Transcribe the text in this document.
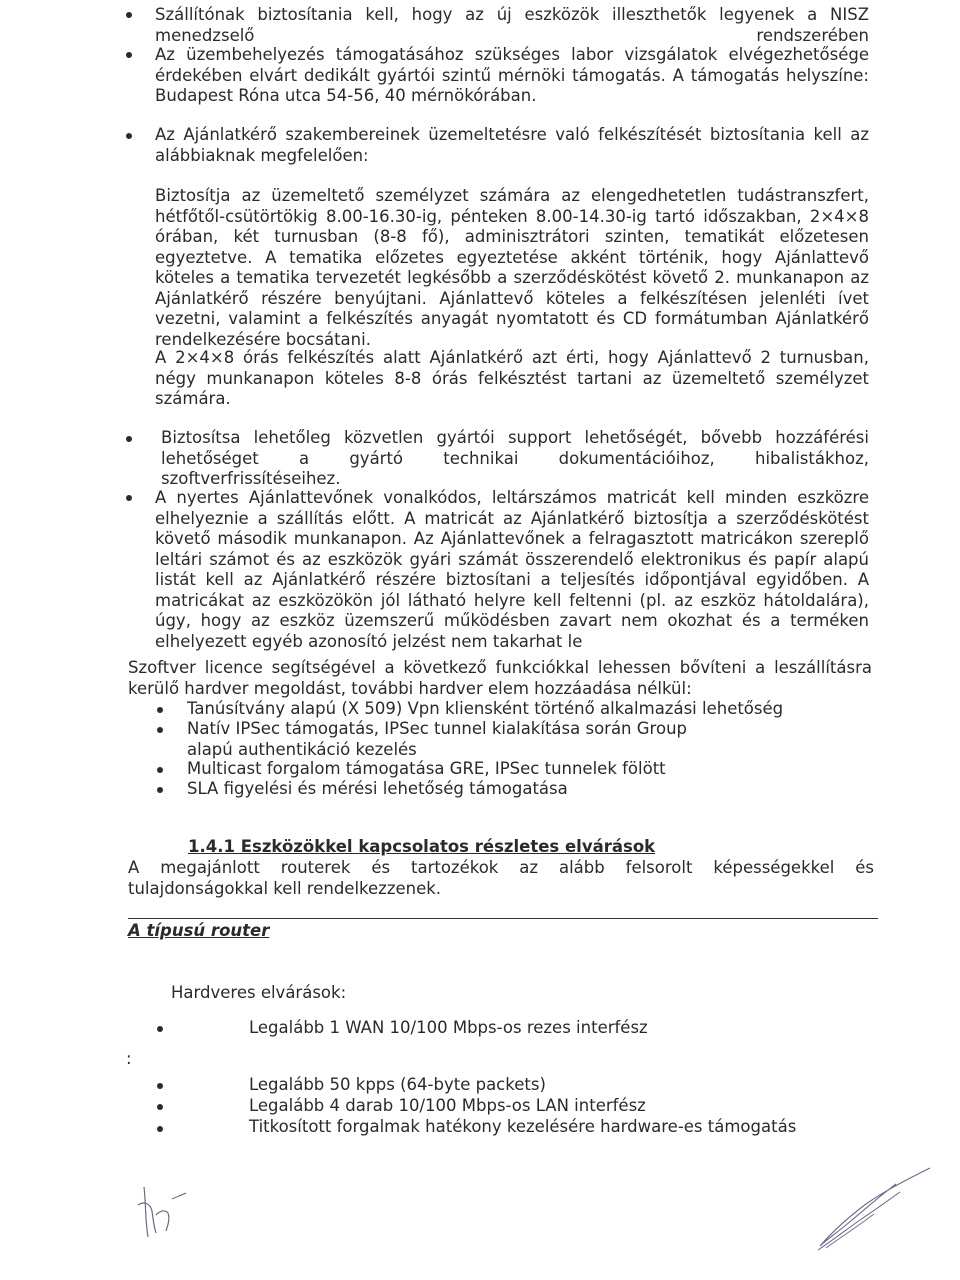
Szállítónak biztosítania kell, hogy az új eszközök illeszthetők legyenek a NISZ menedzselő rendszerében
Az üzembehelyezés támogatásához szükséges labor vizsgálatok elvégezhetősége érdekében elvárt dedikált gyártói szintű mérnöki támogatás. A támogatás helyszíne: Budapest Róna utca 54-56, 40 mérnökórában.
Az Ajánlatkérő szakembereinek üzemeltetésre való felkészítését biztosítania kell az alábbiaknak megfelelően:
Biztosítja az üzemeltető személyzet számára az elengedhetetlen tudástranszfert, hétfőtől-csütörtökig 8.00-16.30-ig, pénteken 8.00-14.30-ig tartó időszakban, 2×4×8 órában, két turnusban (8-8 fő), adminisztrátori szinten, tematikát előzetesen egyeztetve. A tematika előzetes egyeztetése akként történik, hogy Ajánlattevő köteles a tematika tervezetét legkésőbb a szerződéskötést követő 2. munkanapon az Ajánlatkérő részére benyújtani. Ajánlattevő köteles a felkészítésen jelenléti ívet vezetni, valamint a felkészítés anyagát nyomtatott és CD formátumban Ajánlatkérő rendelkezésére bocsátani.
A 2×4×8 órás felkészítés alatt Ajánlatkérő azt érti, hogy Ajánlattevő 2 turnusban, négy munkanapon köteles 8-8 órás felkésztést tartani az üzemeltető személyzet számára.
Biztosítsa lehetőleg közvetlen gyártói support lehetőségét, bővebb hozzáférési lehetőséget a gyártó technikai dokumentációihoz, hibalistákhoz, szoftverfrissítéseihez.
A nyertes Ajánlattevőnek vonalkódos, leltárszámos matricát kell minden eszközre elhelyeznie a szállítás előtt. A matricát az Ajánlatkérő biztosítja a szerződéskötést követő második munkanapon. Az Ajánlattevőnek a felragasztott matricákon szereplő leltári számot és az eszközök gyári számát összerendelő elektronikus és papír alapú listát kell az Ajánlatkérő részére biztosítani a teljesítés időpontjával egyidőben. A matricákat az eszközökön jól látható helyre kell feltenni (pl. az eszköz hátoldalára), úgy, hogy az eszköz üzemszerű működésben zavart nem okozhat és a terméken elhelyezett egyéb azonosító jelzést nem takarhat le
Szoftver licence segítségével a következő funkciókkal lehessen bővíteni a leszállításra kerülő hardver megoldást, további hardver elem hozzáadása nélkül:
Tanúsítvány alapú (X 509) Vpn kliensként történő alkalmazási lehetőség
Natív IPSec támogatás, IPSec tunnel kialakítása során Group alapú authentikáció kezelés
Multicast forgalom támogatása GRE, IPSec tunnelek fölött
SLA figyelési és mérési lehetőség támogatása
1.4.1 Eszközökkel kapcsolatos részletes elvárások
A megajánlott routerek és tartozékok az alább felsorolt képességekkel és tulajdonságokkal kell rendelkezzenek.
A típusú router
Hardveres elvárások:
Legalább 1 WAN 10/100 Mbps-os rezes interfész
:
Legalább 50 kpps (64-byte packets)
Legalább 4 darab 10/100 Mbps-os LAN interfész
Titkosított forgalmak hatékony kezelésére hardware-es támogatás
